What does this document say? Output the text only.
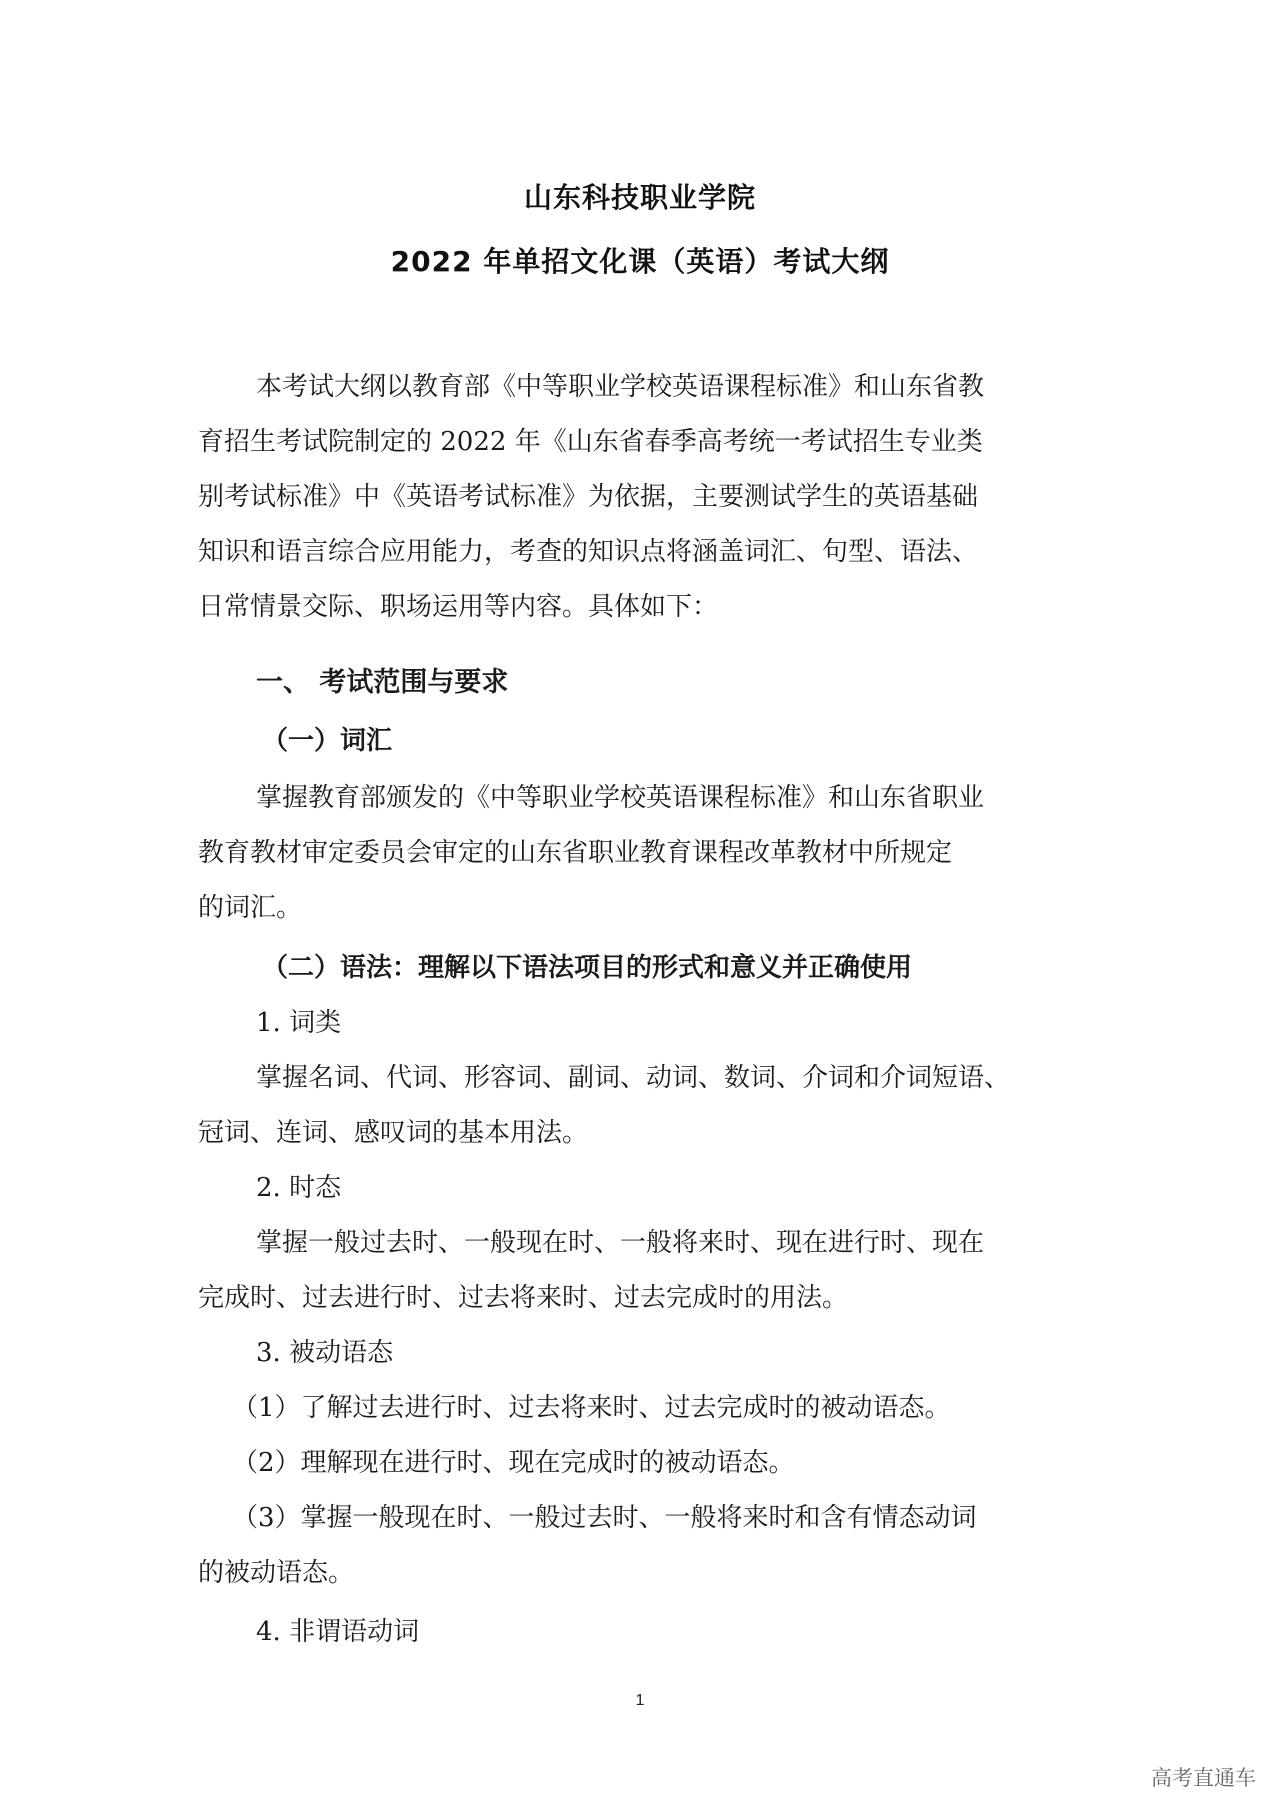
山东科技职业学院
2022 年单招文化课（英语）考试大纲
本考试大纲以教育部《中等职业学校英语课程标准》和山东省教
育招生考试院制定的 2022 年《山东省春季高考统一考试招生专业类
别考试标准》中《英语考试标准》为依据，主要测试学生的英语基础
知识和语言综合应用能力，考查的知识点将涵盖词汇、句型、语法、
日常情景交际、职场运用等内容。具体如下：
一、 考试范围与要求
（一）词汇
掌握教育部颁发的《中等职业学校英语课程标准》和山东省职业
教育教材审定委员会审定的山东省职业教育课程改革教材中所规定
的词汇。
（二）语法：理解以下语法项目的形式和意义并正确使用
1. 词类
掌握名词、代词、形容词、副词、动词、数词、介词和介词短语、
冠词、连词、感叹词的基本用法。
2. 时态
掌握一般过去时、一般现在时、一般将来时、现在进行时、现在
完成时、过去进行时、过去将来时、过去完成时的用法。
3. 被动语态
（1）了解过去进行时、过去将来时、过去完成时的被动语态。
（2）理解现在进行时、现在完成时的被动语态。
（3）掌握一般现在时、一般过去时、一般将来时和含有情态动词
的被动语态。
4. 非谓语动词
1
高考直通车
